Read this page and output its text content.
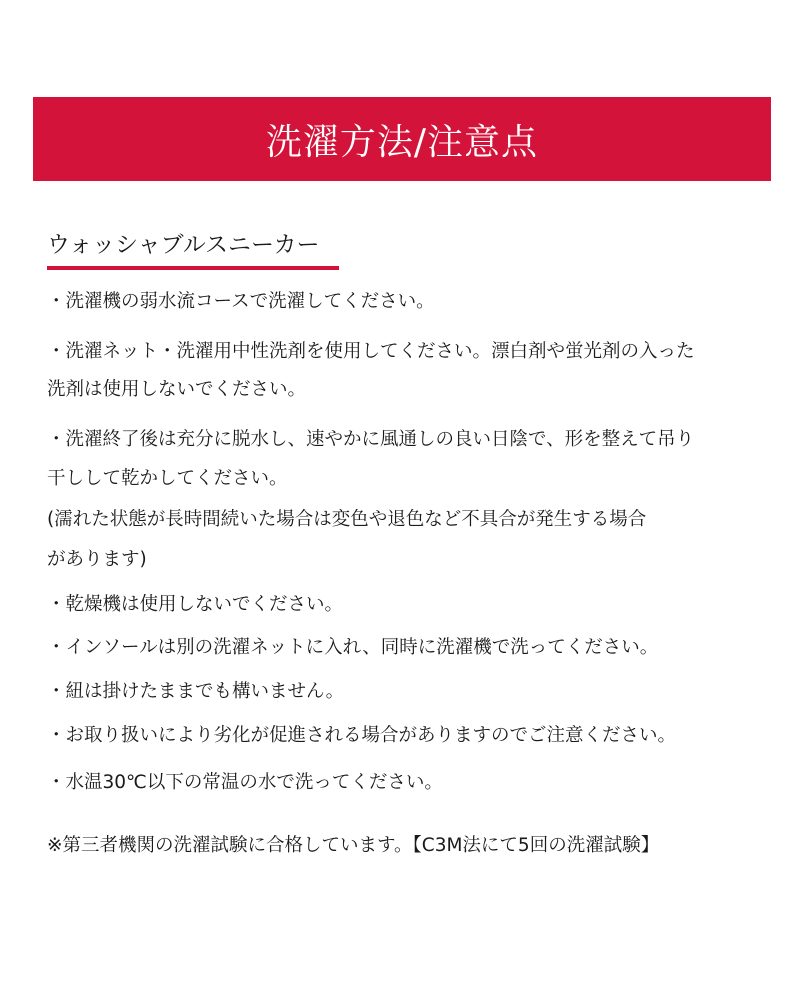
洗濯方法/注意点
ウォッシャブルスニーカー
・洗濯機の弱水流コースで洗濯してください。
・洗濯ネット・洗濯用中性洗剤を使用してください。漂白剤や蛍光剤の入った
洗剤は使用しないでください。
・洗濯終了後は充分に脱水し、速やかに風通しの良い日陰で、形を整えて吊り
干しして乾かしてください。
(濡れた状態が長時間続いた場合は変色や退色など不具合が発生する場合
があります)
・乾燥機は使用しないでください。
・インソールは別の洗濯ネットに入れ、同時に洗濯機で洗ってください。
・紐は掛けたままでも構いません。
・お取り扱いにより劣化が促進される場合がありますのでご注意ください。
・水温30℃以下の常温の水で洗ってください。
※第三者機関の洗濯試験に合格しています。【C3M法にて5回の洗濯試験】
